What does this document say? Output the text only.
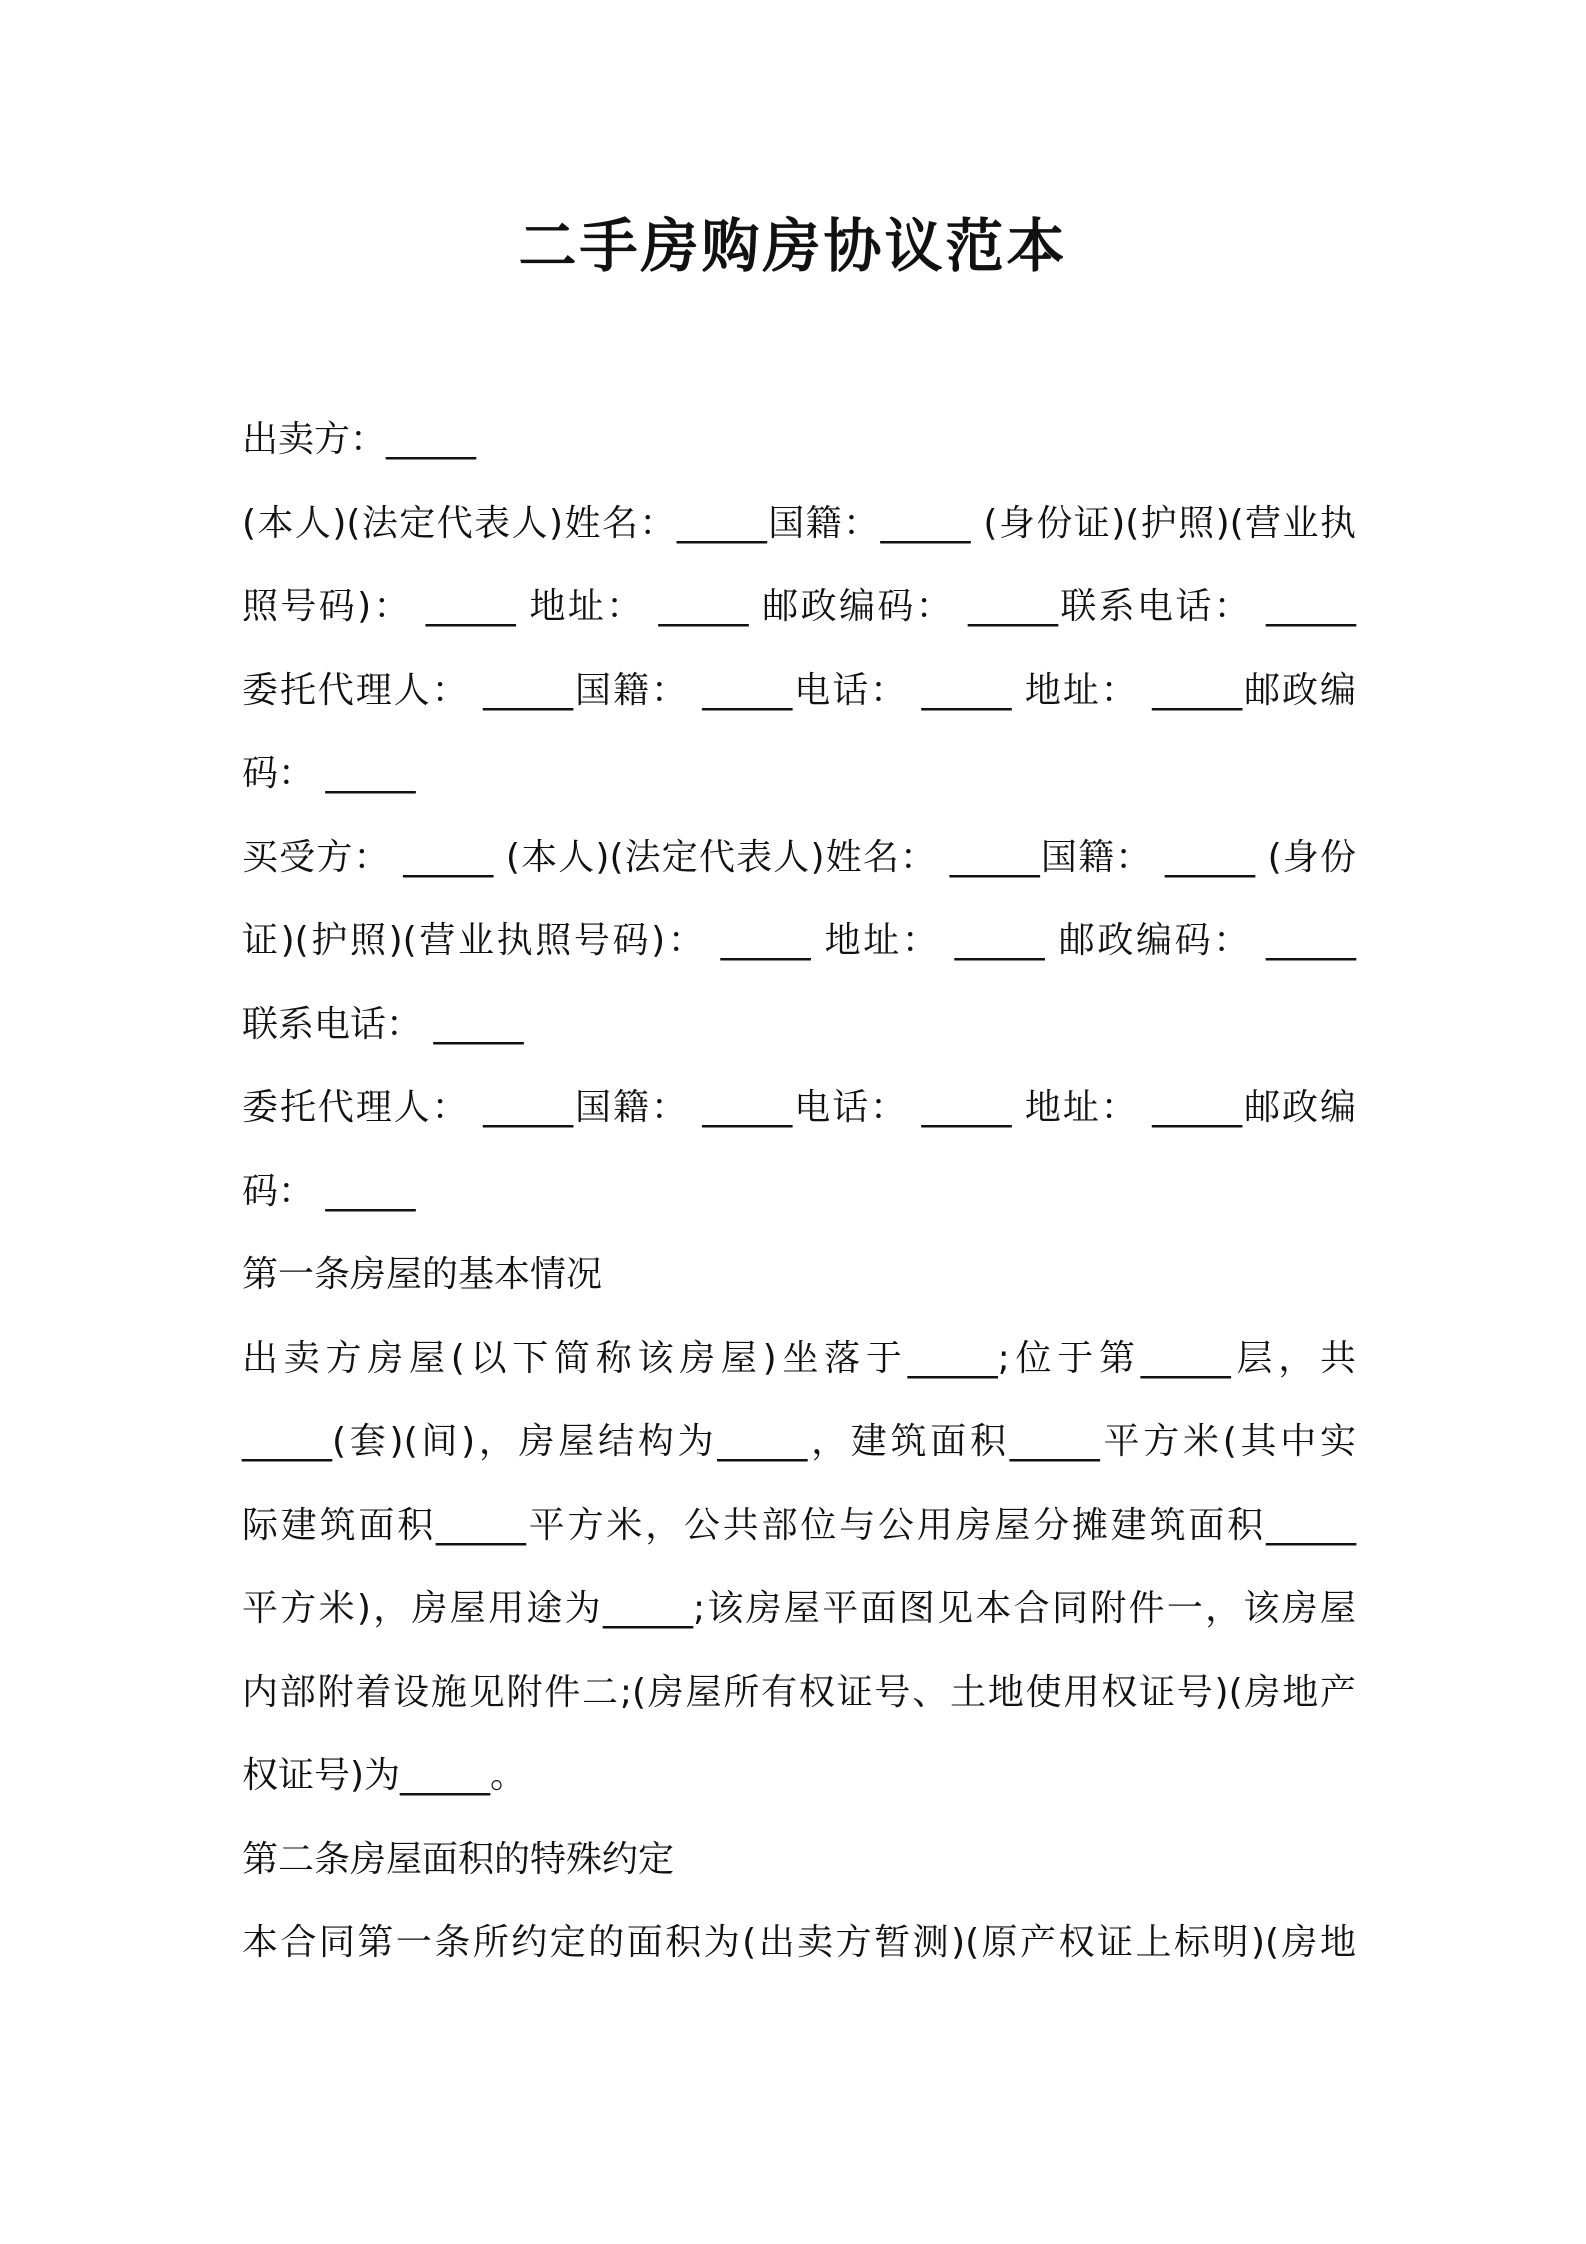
二手房购房协议范本
出卖方：_____
(本人)(法定代表人)姓名：_____国籍：_____ (身份证)(护照)(营业执
照号码)： _____ 地址： _____ 邮政编码： _____联系电话： _____
委托代理人： _____国籍： _____电话： _____ 地址： _____邮政编
码： _____
买受方： _____ (本人)(法定代表人)姓名： _____国籍： _____ (身份
证)(护照)(营业执照号码)： _____ 地址： _____ 邮政编码： _____
联系电话： _____
委托代理人： _____国籍： _____电话： _____ 地址： _____邮政编
码： _____
第一条房屋的基本情况
出卖方房屋(以下简称该房屋)坐落于_____;位于第_____层，共
_____(套)(间)，房屋结构为_____，建筑面积_____平方米(其中实
际建筑面积_____平方米，公共部位与公用房屋分摊建筑面积_____
平方米)，房屋用途为_____;该房屋平面图见本合同附件一，该房屋
内部附着设施见附件二;(房屋所有权证号、土地使用权证号)(房地产
权证号)为_____。
第二条房屋面积的特殊约定
本合同第一条所约定的面积为(出卖方暂测)(原产权证上标明)(房地
